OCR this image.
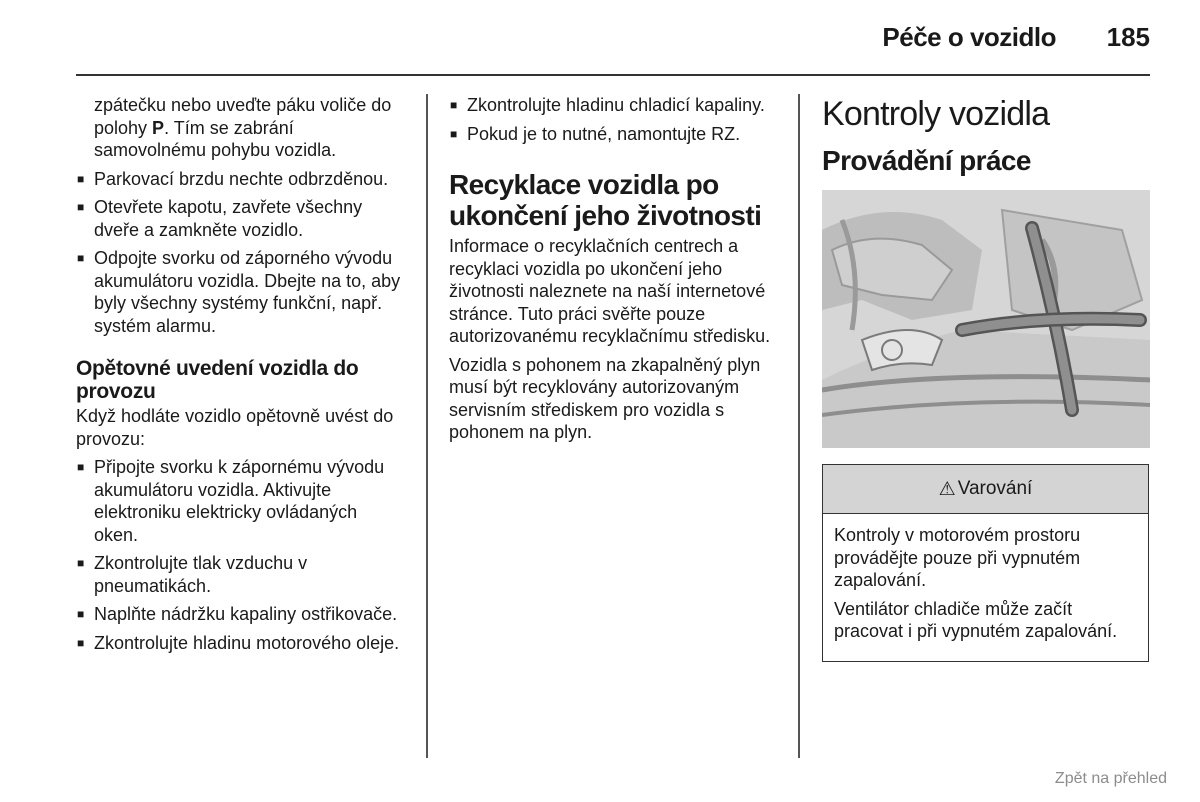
Péče o vozidlo 185

zpátečku nebo uveďte páku voliče do polohy P. Tím se zabrání samovolnému pohybu vozidla.

■ Parkovací brzdu nechte odbrzděnou.
■ Otevřete kapotu, zavřete všechny dveře a zamkněte vozidlo.
■ Odpojte svorku od záporného vývodu akumulátoru vozidla. Dbejte na to, aby byly všechny systémy funkční, např. systém alarmu.
Opětovné uvedení vozidla do provozu

Když hodláte vozidlo opětovně uvést do provozu:

■ Připojte svorku k zápornému vývodu akumulátoru vozidla. Aktivujte elektroniku elektricky ovládaných oken.
■ Zkontrolujte tlak vzduchu v pneumatikách.
■ Naplňte nádržku kapaliny ostřikovače.
■ Zkontrolujte hladinu motorového oleje.
■ Zkontrolujte hladinu chladicí kapaliny.
■ Pokud je to nutné, namontujte RZ.
Recyklace vozidla po ukončení jeho životnosti

Informace o recyklačních centrech a recyklaci vozidla po ukončení jeho životnosti naleznete na naší internetové stránce. Tuto práci svěřte pouze autorizovanému recyklačnímu středisku.

Vozidla s pohonem na zkapalněný plyn musí být recyklovány autorizovaným servisním střediskem pro vozidla s pohonem na plyn.

Kontroly vozidla
Provádění práce
⚠ Varování

Kontroly v motorovém prostoru provádějte pouze při vypnutém zapalování.

Ventilátor chladiče může začít pracovat i při vypnutém zapalování.

Zpět na přehled
